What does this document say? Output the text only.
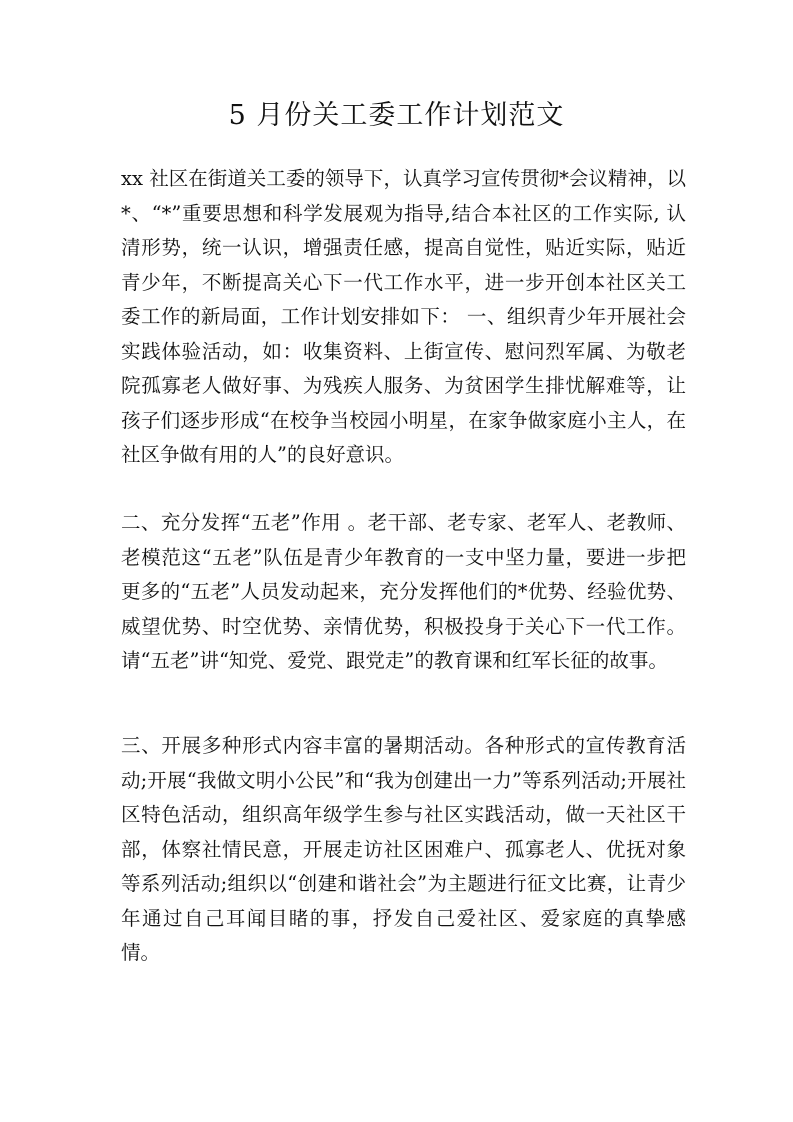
5 月份关工委工作计划范文

xx 社区在街道关工委的领导下，认真学习宣传贯彻*会议精神，以*、“*”重要思想和科学发展观为指导,结合本社区的工作实际, 认清形势，统一认识，增强责任感，提高自觉性，贴近实际，贴近青少年，不断提高关心下一代工作水平，进一步开创本社区关工委工作的新局面，工作计划安排如下： 一、组织青少年开展社会实践体验活动，如：收集资料、上街宣传、慰问烈军属、为敬老院孤寡老人做好事、为残疾人服务、为贫困学生排忧解难等，让孩子们逐步形成“在校争当校园小明星，在家争做家庭小主人，在社区争做有用的人”的良好意识。

二、充分发挥“五老”作用 。老干部、老专家、老军人、老教师、老模范这“五老”队伍是青少年教育的一支中坚力量，要进一步把更多的“五老”人员发动起来，充分发挥他们的*优势、经验优势、威望优势、时空优势、亲情优势，积极投身于关心下一代工作。请“五老”讲“知党、爱党、跟党走”的教育课和红军长征的故事。

三、开展多种形式内容丰富的暑期活动。各种形式的宣传教育活动;开展“我做文明小公民”和“我为创建出一力”等系列活动;开展社区特色活动，组织高年级学生参与社区实践活动，做一天社区干部，体察社情民意，开展走访社区困难户、孤寡老人、优抚对象等系列活动;组织以“创建和谐社会”为主题进行征文比赛，让青少年通过自己耳闻目睹的事，抒发自己爱社区、爱家庭的真挚感情。
